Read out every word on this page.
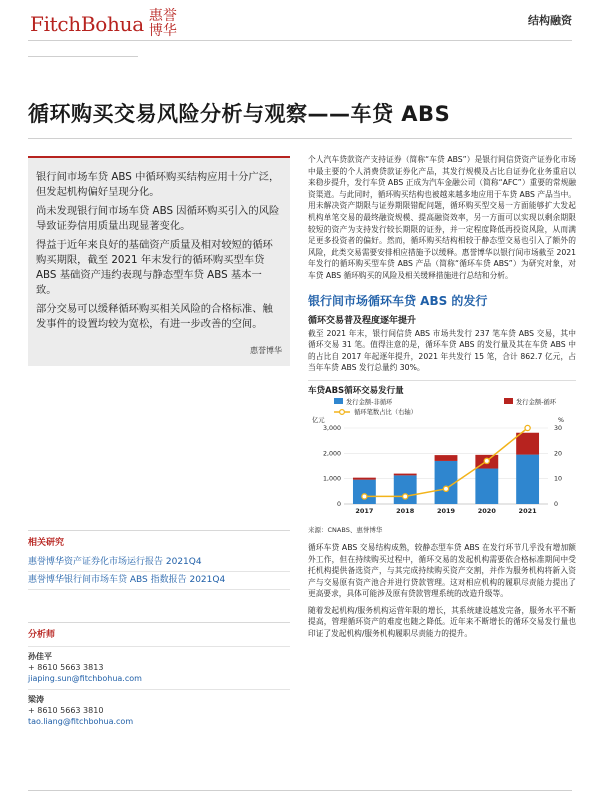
FitchBohua 惠誉
博华
结构融资
循环购买交易风险分析与观察——车贷 ABS

银行间市场车贷 ABS 中循环购买结构应用十分广泛，但发起机构偏好呈现分化。

尚未发现银行间市场车贷 ABS 因循环购买引入的风险导致证券信用质量出现显著变化。

得益于近年来良好的基础资产质量及相对较短的循环购买期限，截至 2021 年末发行的循环购买型车贷 ABS 基础资产违约表现与静态型车贷 ABS 基本一致。

部分交易可以缓释循环购买相关风险的合格标准、触发事件的设置均较为宽松，有进一步改善的空间。

惠誉博华
相关研究
惠誉博华资产证券化市场运行报告 2021Q4
惠誉博华银行间市场车贷 ABS 指数报告 2021Q4
分析师
孙佳平
+ 8610 5663 3813
jiaping.sun@fitchbohua.com
梁涛
+ 8610 5663 3810
tao.liang@fitchbohua.com

个人汽车贷款资产支持证券（简称“车贷 ABS”）是银行间信贷资产证券化市场中最主要的个人消费贷款证券化产品，其发行规模及占比自证券化业务重启以来稳步提升，发行车贷 ABS 正成为汽车金融公司（简称“AFC”）重要的常规融资渠道。与此同时，循环购买结构也被越来越多地应用于车贷 ABS 产品当中。用未解决资产期限与证券期限错配问题，循环购买型交易一方面能够扩大发起机构单笔交易的最终融资规模、提高融资效率，另一方面可以实现以剩余期限较短的资产为支持发行较长期限的证券，并一定程度降低再投资风险，从而满足更多投资者的偏好。然而，循环购买结构相较于静态型交易也引入了额外的风险，此类交易需要安排相应措施予以缓释。惠誉博华以银行间市场截至 2021 年发行的循环购买型车贷 ABS 产品（简称“循环车贷 ABS”）为研究对象，对车贷 ABS 循环购买的风险及相关缓释措施进行总结和分析。

银行间市场循环车贷 ABS 的发行
循环交易普及程度逐年提升

截至 2021 年末，银行间信贷 ABS 市场共发行 237 笔车贷 ABS 交易，其中循环交易 31 笔。值得注意的是，循环车贷 ABS 的发行量及其在车贷 ABS 中的占比自 2017 年起逐年提升，2021 年共发行 15 笔，合计 862.7 亿元，占当年车贷 ABS 发行总量约 30%。

车贷ABS循环交易发行量
发行金额-非循环	发行金额-循环
循环笔数占比（右轴）
亿元	%
0
1,000
2,000
3,000
0
10
20
30
2017	2018	2019	2020	2021
来源：CNABS、惠誉博华

循环车贷 ABS 交易结构成熟，较静态型车贷 ABS 在发行环节几乎没有增加额外工作，但在持续购买过程中，循环交易的发起机构需要依合格标准期间中受托机构提供备选资产，与其完成持续购买资产交割，并作为服务机构将新入资产与交易原有资产池合并进行贷款管理。这对相应机构的履职尽责能力提出了更高要求，具体可能涉及原有贷款管理系统的改造升级等。

随着发起机构/服务机构运营年限的增长，其系统建设越发完备，服务水平不断提高，管理循环资产的难度也随之降低。近年来不断增长的循环交易发行量也印证了发起机构/服务机构履职尽责能力的提升。
